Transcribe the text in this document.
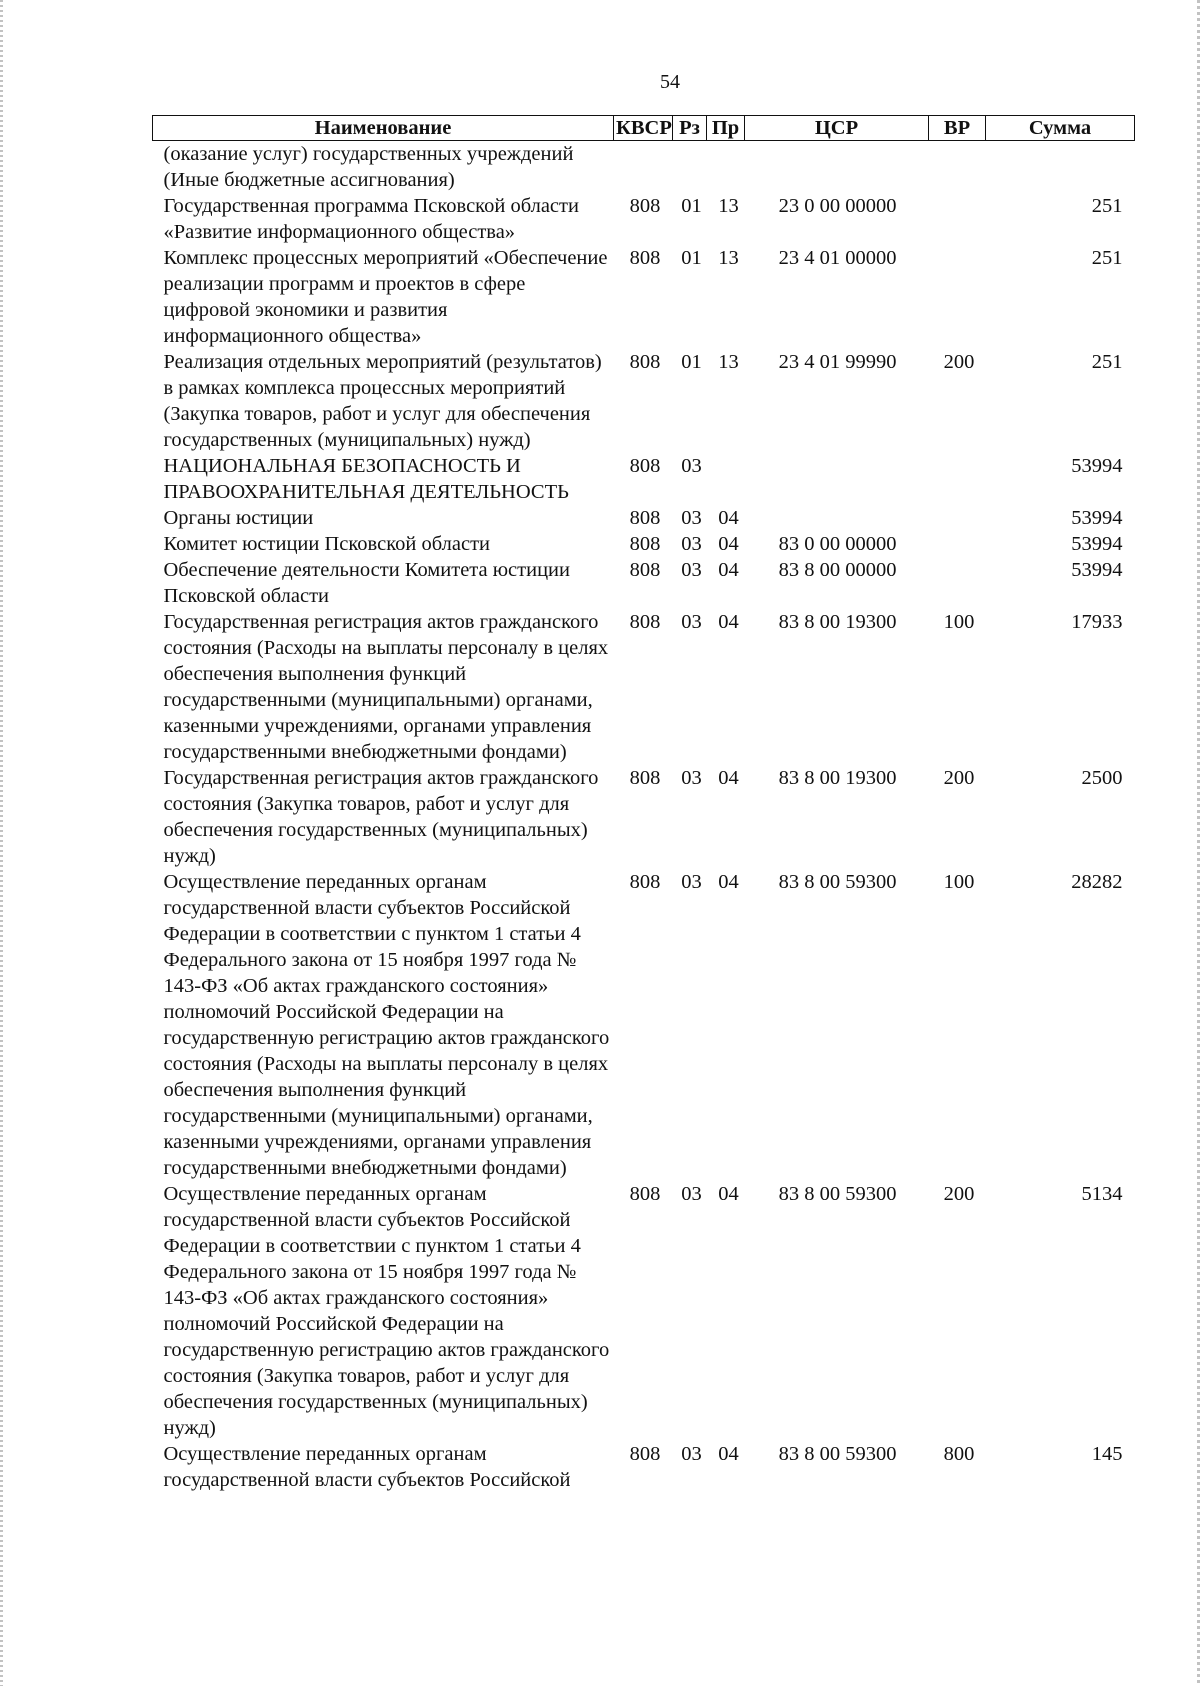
54
Наименование	КВСР	Рз	Пр	ЦСР	ВР	Сумма
(оказание услуг) государственных учреждений (Иные бюджетные ассигнования)						
Государственная программа Псковской области «Развитие информационного общества»	808	01	13	23 0 00 00000		251
Комплекс процессных мероприятий «Обеспечение реализации программ и проектов в сфере цифровой экономики и развития информационного общества»	808	01	13	23 4 01 00000		251
Реализация отдельных мероприятий (результатов) в рамках комплекса процессных мероприятий (Закупка товаров, работ и услуг для обеспечения государственных (муниципальных) нужд)	808	01	13	23 4 01 99990	200	251
НАЦИОНАЛЬНАЯ БЕЗОПАСНОСТЬ И ПРАВООХРАНИТЕЛЬНАЯ ДЕЯТЕЛЬНОСТЬ	808	03				53994
Органы юстиции	808	03	04			53994
Комитет юстиции Псковской области	808	03	04	83 0 00 00000		53994
Обеспечение деятельности Комитета юстиции Псковской области	808	03	04	83 8 00 00000		53994
Государственная регистрация актов гражданского состояния (Расходы на выплаты персоналу в целях обеспечения выполнения функций государственными (муниципальными) органами, казенными учреждениями, органами управления государственными внебюджетными фондами)	808	03	04	83 8 00 19300	100	17933
Государственная регистрация актов гражданского состояния (Закупка товаров, работ и услуг для обеспечения государственных (муниципальных) нужд)	808	03	04	83 8 00 19300	200	2500
Осуществление переданных органам государственной власти субъектов Российской Федерации в соответствии с пунктом 1 статьи 4 Федерального закона от 15 ноября 1997 года № 143-ФЗ «Об актах гражданского состояния» полномочий Российской Федерации на государственную регистрацию актов гражданского состояния (Расходы на выплаты персоналу в целях обеспечения выполнения функций государственными (муниципальными) органами, казенными учреждениями, органами управления государственными внебюджетными фондами)	808	03	04	83 8 00 59300	100	28282
Осуществление переданных органам государственной власти субъектов Российской Федерации в соответствии с пунктом 1 статьи 4 Федерального закона от 15 ноября 1997 года № 143-ФЗ «Об актах гражданского состояния» полномочий Российской Федерации на государственную регистрацию актов гражданского состояния (Закупка товаров, работ и услуг для обеспечения государственных (муниципальных) нужд)	808	03	04	83 8 00 59300	200	5134
Осуществление переданных органам государственной власти субъектов Российской	808	03	04	83 8 00 59300	800	145
